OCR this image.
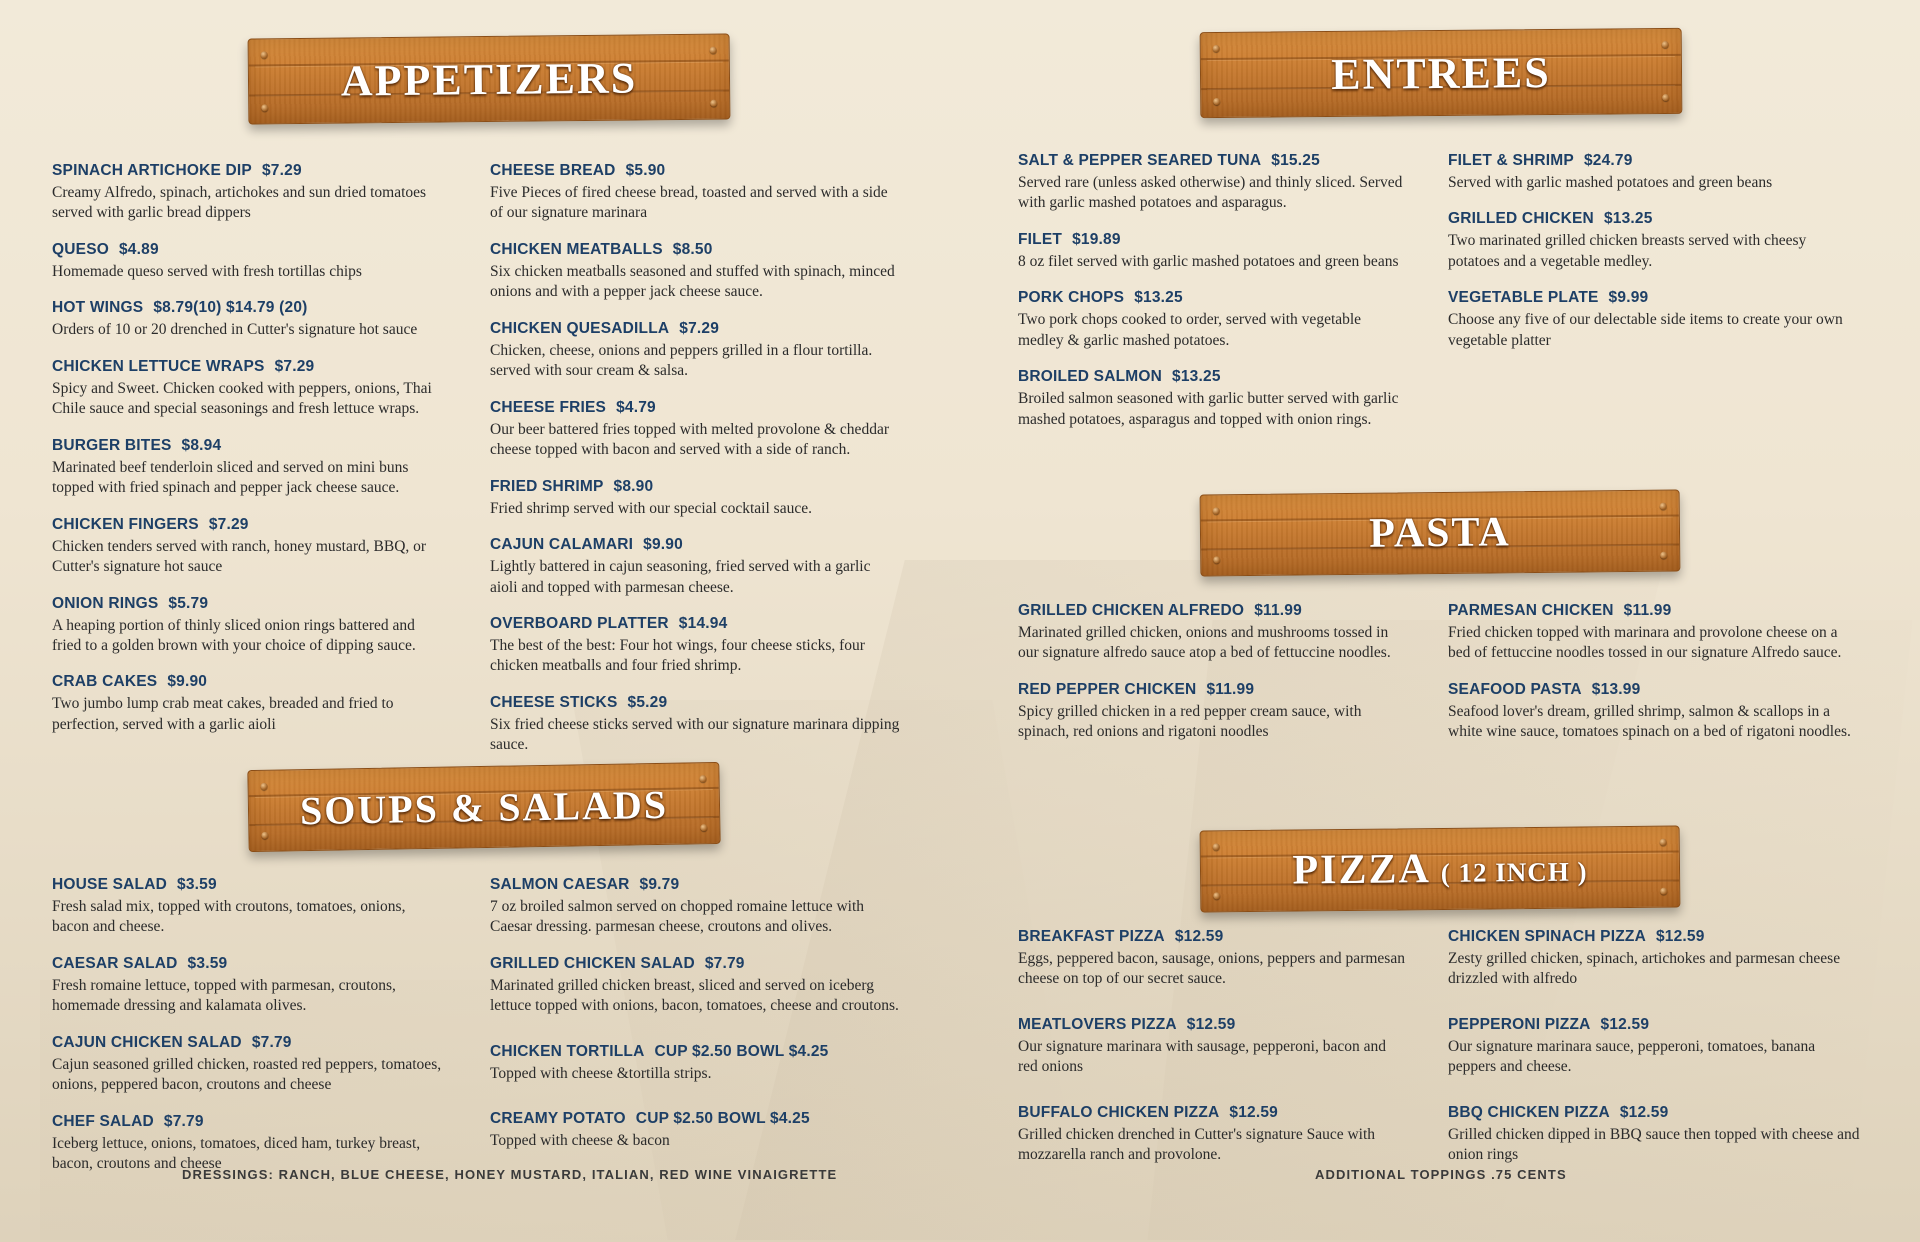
APPETIZERS
SPINACH ARTICHOKE DIP $7.29
Creamy Alfredo, spinach, artichokes and sun dried tomatoes served with garlic bread dippers
QUESO $4.89
Homemade queso served with fresh tortillas chips
HOT WINGS $8.79(10) $14.79 (20)
Orders of 10 or 20 drenched in Cutter's signature hot sauce
CHICKEN LETTUCE WRAPS $7.29
Spicy and Sweet. Chicken cooked with peppers, onions, Thai Chile sauce and special seasonings and fresh lettuce wraps.
BURGER BITES $8.94
Marinated beef tenderloin sliced and served on mini buns topped with fried spinach and pepper jack cheese sauce.
CHICKEN FINGERS $7.29
Chicken tenders served with ranch, honey mustard, BBQ, or Cutter's signature hot sauce
ONION RINGS $5.79
A heaping portion of thinly sliced onion rings battered and fried to a golden brown with your choice of dipping sauce.
CRAB CAKES $9.90
Two jumbo lump crab meat cakes, breaded and fried to perfection, served with a garlic aioli
CHEESE BREAD $5.90
Five Pieces of fired cheese bread, toasted and served with a side of our signature marinara
CHICKEN MEATBALLS $8.50
Six chicken meatballs seasoned and stuffed with spinach, minced onions and with a pepper jack cheese sauce.
CHICKEN QUESADILLA $7.29
Chicken, cheese, onions and peppers grilled in a flour tortilla. served with sour cream & salsa.
CHEESE FRIES $4.79
Our beer battered fries topped with melted provolone & cheddar cheese topped with bacon and served with a side of ranch.
FRIED SHRIMP $8.90
Fried shrimp served with our special cocktail sauce.
CAJUN CALAMARI $9.90
Lightly battered in cajun seasoning, fried served with a garlic aioli and topped with parmesan cheese.
OVERBOARD PLATTER $14.94
The best of the best: Four hot wings, four cheese sticks, four chicken meatballs and four fried shrimp.
CHEESE STICKS $5.29
Six fried cheese sticks served with our signature marinara dipping sauce.
SOUPS & SALADS
HOUSE SALAD $3.59
Fresh salad mix, topped with croutons, tomatoes, onions, bacon and cheese.
CAESAR SALAD $3.59
Fresh romaine lettuce, topped with parmesan, croutons, homemade dressing and kalamata olives.
CAJUN CHICKEN SALAD $7.79
Cajun seasoned grilled chicken, roasted red peppers, tomatoes, onions, peppered bacon, croutons and cheese
CHEF SALAD $7.79
Iceberg lettuce, onions, tomatoes, diced ham, turkey breast, bacon, croutons and cheese
SALMON CAESAR $9.79
7 oz broiled salmon served on chopped romaine lettuce with Caesar dressing. parmesan cheese, croutons and olives.
GRILLED CHICKEN SALAD $7.79
Marinated grilled chicken breast, sliced and served on iceberg lettuce topped with onions, bacon, tomatoes, cheese and croutons.
CHICKEN TORTILLA CUP $2.50 BOWL $4.25
Topped with cheese &tortilla strips.
CREAMY POTATO CUP $2.50 BOWL $4.25
Topped with cheese & bacon
DRESSINGS: RANCH, BLUE CHEESE, HONEY MUSTARD, ITALIAN, RED WINE VINAIGRETTE
ENTREES
SALT & PEPPER SEARED TUNA $15.25
Served rare (unless asked otherwise) and thinly sliced. Served with garlic mashed potatoes and asparagus.
FILET $19.89
8 oz filet served with garlic mashed potatoes and green beans
PORK CHOPS $13.25
Two pork chops cooked to order, served with vegetable medley & garlic mashed potatoes.
BROILED SALMON $13.25
Broiled salmon seasoned with garlic butter served with garlic mashed potatoes, asparagus and topped with onion rings.
FILET & SHRIMP $24.79
Served with garlic mashed potatoes and green beans
GRILLED CHICKEN $13.25
Two marinated grilled chicken breasts served with cheesy potatoes and a vegetable medley.
VEGETABLE PLATE $9.99
Choose any five of our delectable side items to create your own vegetable platter
PASTA
GRILLED CHICKEN ALFREDO $11.99
Marinated grilled chicken, onions and mushrooms tossed in our signature alfredo sauce atop a bed of fettuccine noodles.
RED PEPPER CHICKEN $11.99
Spicy grilled chicken in a red pepper cream sauce, with spinach, red onions and rigatoni noodles
PARMESAN CHICKEN $11.99
Fried chicken topped with marinara and provolone cheese on a bed of fettuccine noodles tossed in our signature Alfredo sauce.
SEAFOOD PASTA $13.99
Seafood lover's dream, grilled shrimp, salmon & scallops in a white wine sauce, tomatoes spinach on a bed of rigatoni noodles.
PIZZA ( 12 INCH )
BREAKFAST PIZZA $12.59
Eggs, peppered bacon, sausage, onions, peppers and parmesan cheese on top of our secret sauce.
MEATLOVERS PIZZA $12.59
Our signature marinara with sausage, pepperoni, bacon and red onions
BUFFALO CHICKEN PIZZA $12.59
Grilled chicken drenched in Cutter's signature Sauce with mozzarella ranch and provolone.
CHICKEN SPINACH PIZZA $12.59
Zesty grilled chicken, spinach, artichokes and parmesan cheese drizzled with alfredo
PEPPERONI PIZZA $12.59
Our signature marinara sauce, pepperoni, tomatoes, banana peppers and cheese.
BBQ CHICKEN PIZZA $12.59
Grilled chicken dipped in BBQ sauce then topped with cheese and onion rings
ADDITIONAL TOPPINGS .75 CENTS
